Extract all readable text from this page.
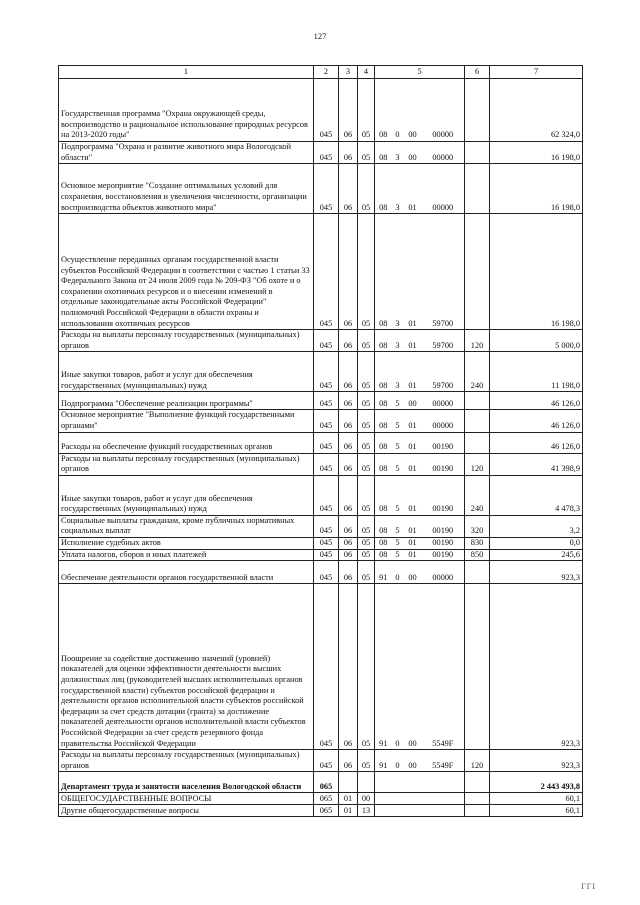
127
1	2	3	4	5				6	7
Государственная программа "Охрана окружающей среды, воспроизводство и рациональное использование природных ресурсов на 2013-2020 годы"	045	06	05	08	0	00	00000		62 324,0
Подпрограмма "Охрана и развитие животного мира Вологодской области"	045	06	05	08	3	00	00000		16 198,0
Основное мероприятие "Создание оптимальных условий для сохранения, восстановления и увеличения численности, организации воспроизводства объектов животного мира"	045	06	05	08	3	01	00000		16 198,0
Осуществление переданных органам государственной власти субъектов Российской Федерации в соответствии с частью 1 статьи 33 Федерального Закона от 24 июля 2009 года № 209-ФЗ "Об охоте и о сохранении охотничьих ресурсов и о внесении изменений в отдельные законодательные акты Российской Федерации" полномочий Российской Федерации в области охраны и использования охотничьих ресурсов	045	06	05	08	3	01	59700		16 198,0
Расходы на выплаты персоналу государственных (муниципальных) органов	045	06	05	08	3	01	59700	120	5 000,0
Иные закупки товаров, работ и услуг для обеспечения государственных (муниципальных) нужд	045	06	05	08	3	01	59700	240	11 198,0
Подпрограмма "Обеспечение реализации программы"	045	06	05	08	5	00	00000		46 126,0
Основное мероприятие "Выполнение функций государственными органами"	045	06	05	08	5	01	00000		46 126,0
Расходы на обеспечение функций государственных органов	045	06	05	08	5	01	00190		46 126,0
Расходы на выплаты персоналу государственных (муниципальных) органов	045	06	05	08	5	01	00190	120	41 398,9
Иные закупки товаров, работ и услуг для обеспечения государственных (муниципальных) нужд	045	06	05	08	5	01	00190	240	4 478,3
Социальные выплаты гражданам, кроме публичных нормативных социальных выплат	045	06	05	08	5	01	00190	320	3,2
Исполнение судебных актов	045	06	05	08	5	01	00190	830	0,0
Уплата налогов, сборов и иных платежей	045	06	05	08	5	01	00190	850	245,6
Обеспечение деятельности органов государственной власти	045	06	05	91	0	00	00000		923,3
Поощрение за содействие достижению значений (уровней) показателей для оценки эффективности деятельности высших должностных лиц (руководителей высших исполнительных органов государственной власти) субъектов российской федерации и деятельности органов исполнительной власти субъектов российской федерации за счет средств дотации (гранта) за достижение показателей деятельности органов исполнительной власти субъектов Российской Федерации за счет средств резервного фонда правительства Российской Федерации	045	06	05	91	0	00	5549F		923,3
Расходы на выплаты персоналу государственных (муниципальных) органов	045	06	05	91	0	00	5549F	120	923,3
Департамент труда и занятости населения Вологодской области	065								2 443 493,8
ОБЩЕГОСУДАРСТВЕННЫЕ ВОПРОСЫ	065	01	00						60,1
Другие общегосударственные вопросы	065	01	13						60,1
ГГI
